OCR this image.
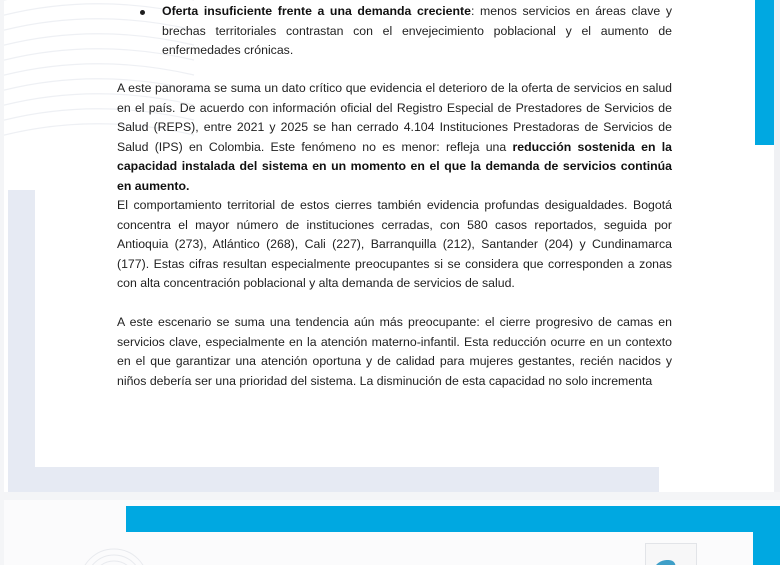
Oferta insuficiente frente a una demanda creciente: menos servicios en áreas clave y brechas territoriales contrastan con el envejecimiento poblacional y el aumento de enfermedades crónicas.

A este panorama se suma un dato crítico que evidencia el deterioro de la oferta de servicios en salud en el país. De acuerdo con información oficial del Registro Especial de Prestadores de Servicios de Salud (REPS), entre 2021 y 2025 se han cerrado 4.104 Instituciones Prestadoras de Servicios de Salud (IPS) en Colombia. Este fenómeno no es menor: refleja una reducción sostenida en la capacidad instalada del sistema en un momento en el que la demanda de servicios continúa en aumento.

El comportamiento territorial de estos cierres también evidencia profundas desigualdades. Bogotá concentra el mayor número de instituciones cerradas, con 580 casos reportados, seguida por Antioquia (273), Atlántico (268), Cali (227), Barranquilla (212), Santander (204) y Cundinamarca (177). Estas cifras resultan especialmente preocupantes si se considera que corresponden a zonas con alta concentración poblacional y alta demanda de servicios de salud.

A este escenario se suma una tendencia aún más preocupante: el cierre progresivo de camas en servicios clave, especialmente en la atención materno-infantil. Esta reducción ocurre en un contexto en el que garantizar una atención oportuna y de calidad para mujeres gestantes, recién nacidos y niños debería ser una prioridad del sistema. La disminución de esta capacidad no solo incrementa
